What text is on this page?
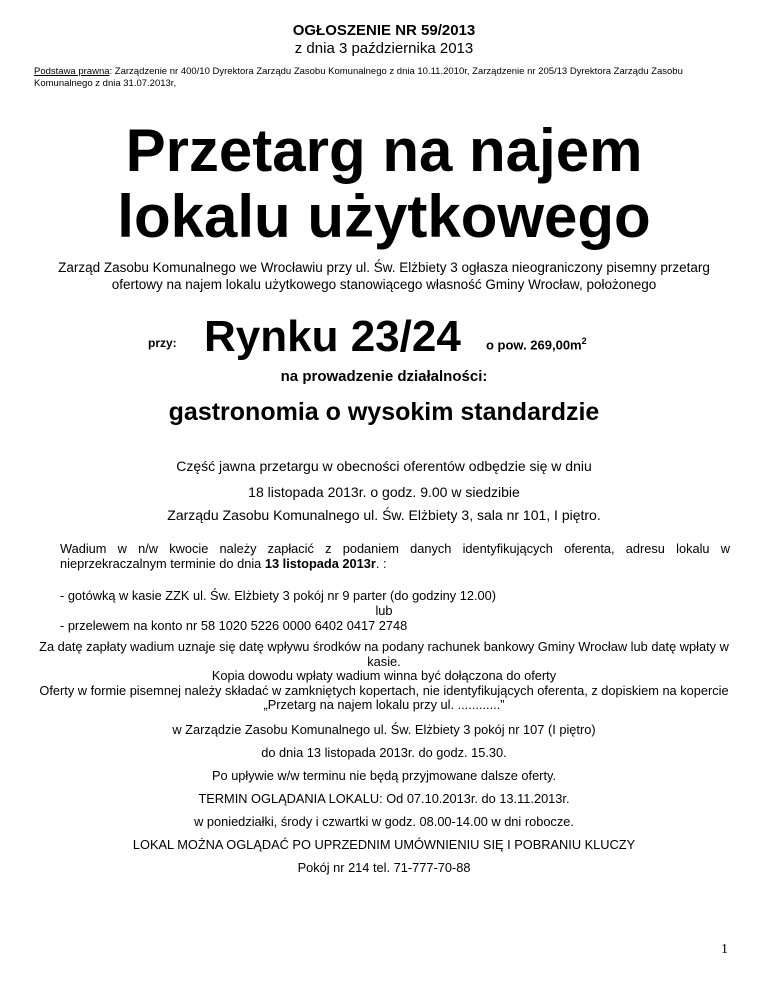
OGŁOSZENIE NR 59/2013
z dnia 3 października 2013
Podstawa prawna: Zarządzenie nr 400/10 Dyrektora Zarządu Zasobu Komunalnego z dnia 10.11.2010r, Zarządzenie nr 205/13 Dyrektora Zarządu Zasobu Komunalnego z dnia 31.07.2013r,
Przetarg na najem
lokalu użytkowego
Zarząd Zasobu Komunalnego we Wrocławiu przy ul. Św. Elżbiety 3 ogłasza nieograniczony pisemny przetarg ofertowy na najem lokalu użytkowego stanowiącego własność Gminy Wrocław, położonego
przy: Rynku 23/24 o pow. $269,00m^2$
na prowadzenie działalności:
gastronomia o wysokim standardzie
Część jawna przetargu w obecności oferentów odbędzie się w dniu
18 listopada 2013r. o godz. 9.00 w siedzibie
Zarządu Zasobu Komunalnego ul. Św. Elżbiety 3, sala nr 101, I piętro.
Wadium w n/w kwocie należy zapłacić z podaniem danych identyfikujących oferenta, adresu lokalu w nieprzekraczalnym terminie do dnia 13 listopada 2013r. :
- gotówką w kasie ZZK ul. Św. Elżbiety 3 pokój nr 9 parter (do godziny 12.00)
lub
- przelewem na konto nr 58 1020 5226 0000 6402 0417 2748
Za datę zapłaty wadium uznaje się datę wpływu środków na podany rachunek bankowy Gminy Wrocław lub datę wpłaty w kasie.
Kopia dowodu wpłaty wadium winna być dołączona do oferty
Oferty w formie pisemnej należy składać w zamkniętych kopertach, nie identyfikujących oferenta, z dopiskiem na kopercie „Przetarg na najem lokalu przy ul. ............”
w Zarządzie Zasobu Komunalnego ul. Św. Elżbiety 3 pokój nr 107 (I piętro)
do dnia 13 listopada 2013r. do godz. 15.30.
Po upływie w/w terminu nie będą przyjmowane dalsze oferty.
TERMIN OGLĄDANIA LOKALU: Od 07.10.2013r. do 13.11.2013r.
w poniedziałki, środy i czwartki w godz. 08.00-14.00 w dni robocze.
LOKAL MOŻNA OGLĄDAĆ PO UPRZEDNIM UMÓWNIENIU SIĘ I POBRANIU KLUCZY
Pokój nr 214 tel. 71-777-70-88
1
